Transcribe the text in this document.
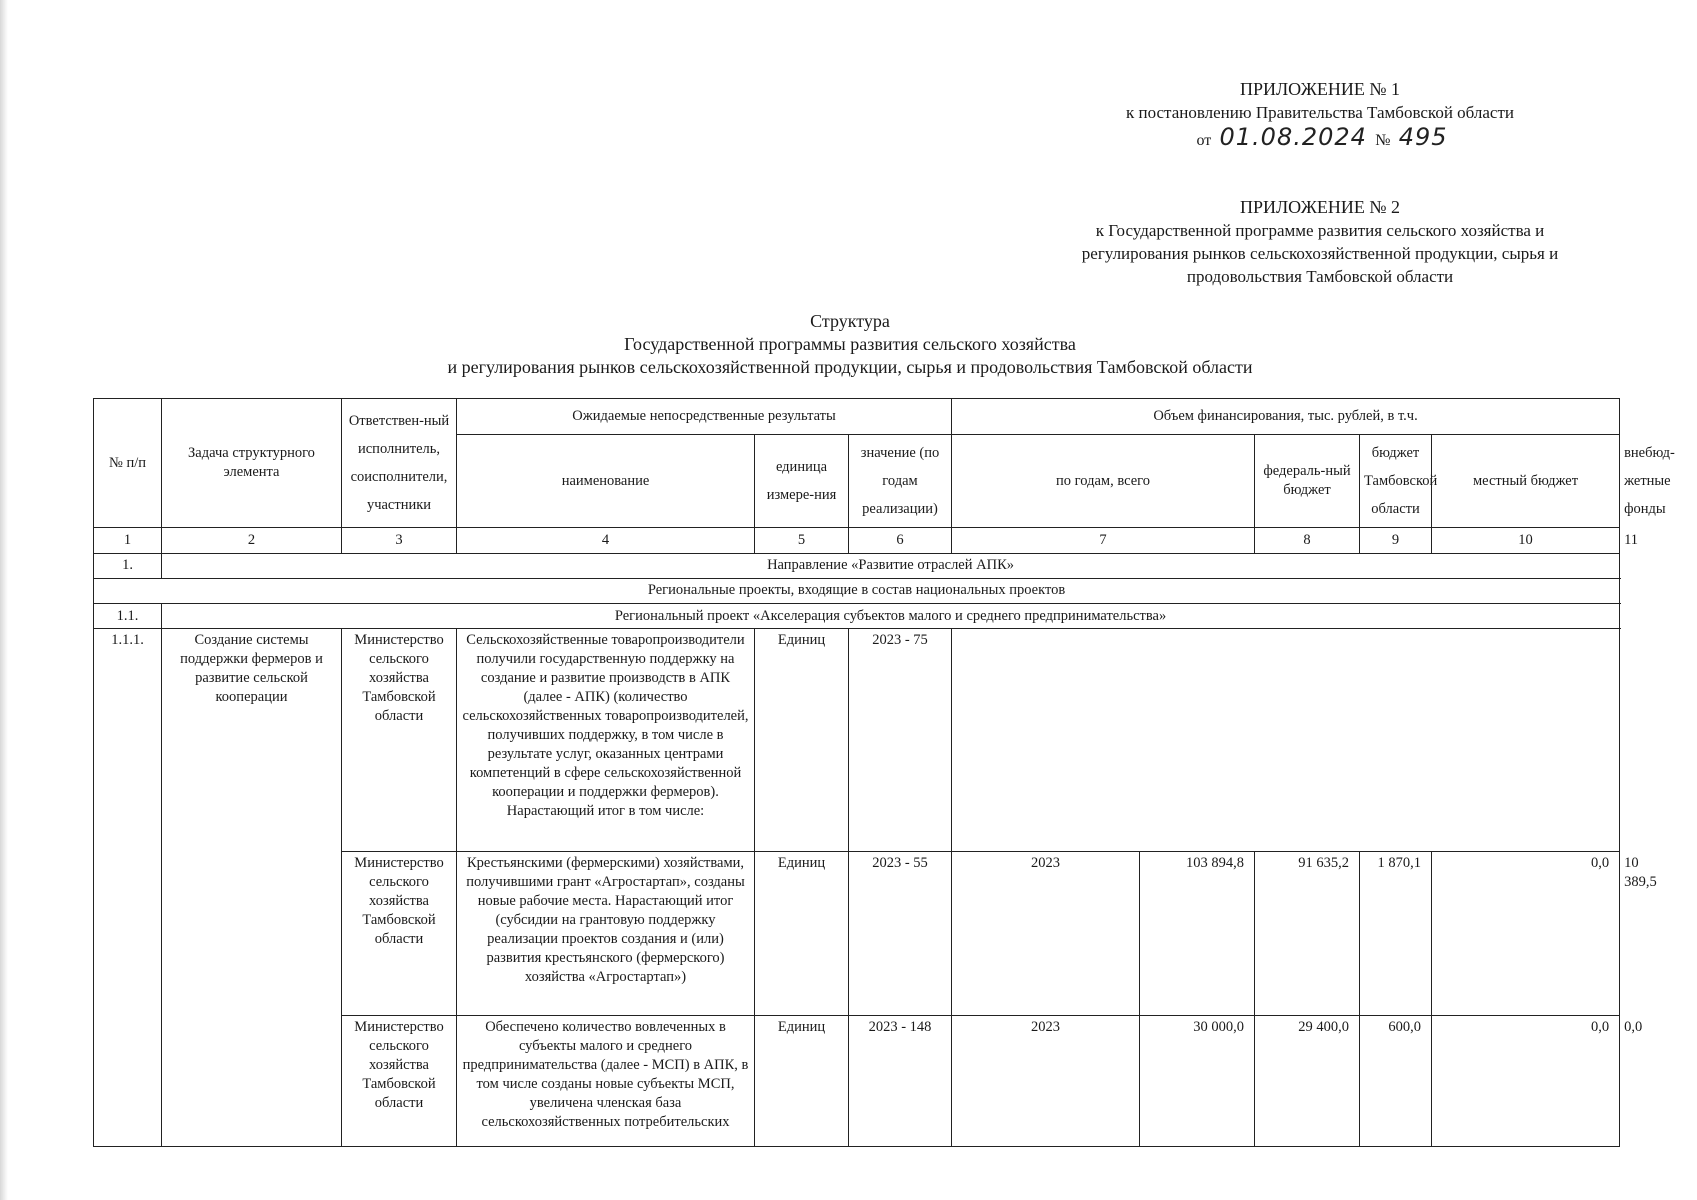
ПРИЛОЖЕНИЕ № 1
к постановлению Правительства Тамбовской области
от 01.08.2024 № 495
ПРИЛОЖЕНИЕ № 2
к Государственной программе развития сельского хозяйства и
регулирования рынков сельскохозяйственной продукции, сырья и
продовольствия Тамбовской области
Структура
Государственной программы развития сельского хозяйства
и регулирования рынков сельскохозяйственной продукции, сырья и продовольствия Тамбовской области
№ п/п	Задача структурного элемента	Ответствен-ный исполнитель, соисполнители, участники	Ожидаемые непосредственные результаты			Объем финансирования, тыс. рублей, в т.ч.					
			наименование	единица измере-ния	значение (по годам реализации)	по годам, всего		федераль-ный бюджет	бюджет Тамбовской области	местный бюджет	внебюд-жетные фонды
1	2	3	4	5	6	7		8	9	10	11
1.	Направление «Развитие отраслей АПК»										
Региональные проекты, входящие в состав национальных проектов											
1.1.	Региональный проект «Акселерация субъектов малого и среднего предпринимательства»										
1.1.1.	Создание системы поддержки фермеров и развитие сельской кооперации	Министерство сельского хозяйства Тамбовской области	Сельскохозяйственные товаропроизводители получили государственную поддержку на создание и развитие производств в АПК (далее - АПК) (количество сельскохозяйственных товаропроизводителей, получивших поддержку, в том числе в результате услуг, оказанных центрами компетенций в сфере сельскохозяйственной кооперации и поддержки фермеров). Нарастающий итог в том числе:	Единиц	2023 - 75						
		Министерство сельского хозяйства Тамбовской области	Крестьянскими (фермерскими) хозяйствами, получившими грант «Агростартап», созданы новые рабочие места. Нарастающий итог (субсидии на грантовую поддержку реализации проектов создания и (или) развития крестьянского (фермерского) хозяйства «Агростартап»)	Единиц	2023 - 55	2023	103 894,8	91 635,2	1 870,1	0,0	10 389,5
		Министерство сельского хозяйства Тамбовской области	Обеспечено количество вовлеченных в субъекты малого и среднего предпринимательства (далее - МСП) в АПК, в том числе созданы новые субъекты МСП, увеличена членская база сельскохозяйственных потребительских	Единиц	2023 - 148	2023	30 000,0	29 400,0	600,0	0,0	0,0
